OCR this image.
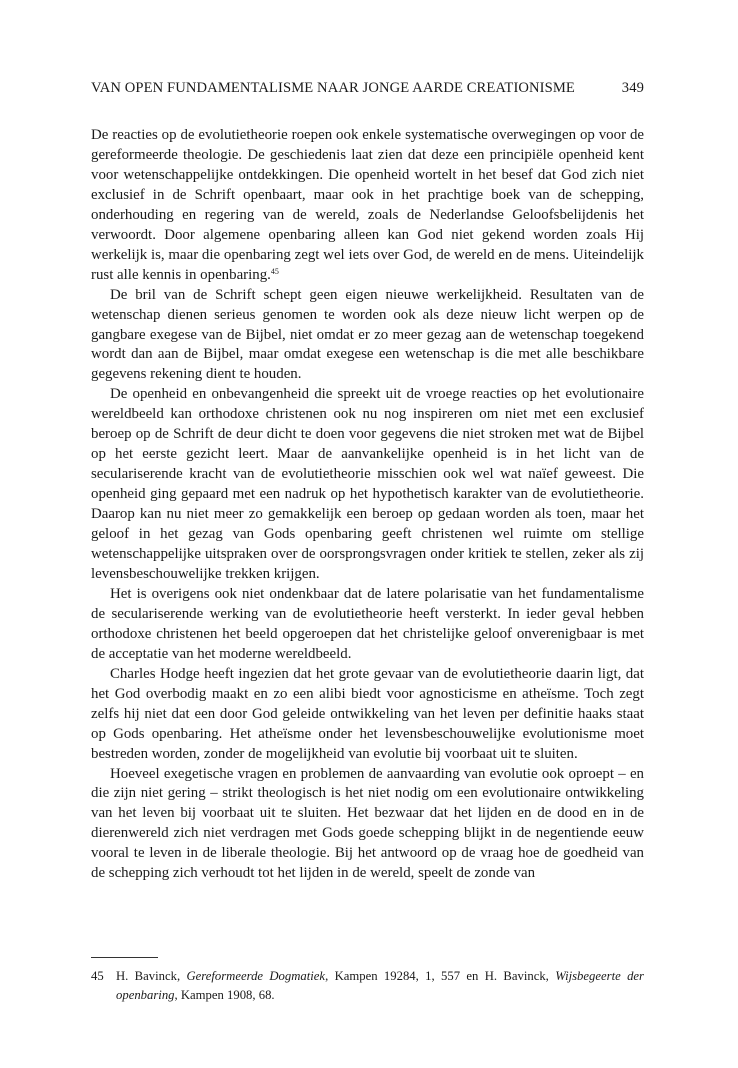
VAN OPEN FUNDAMENTALISME NAAR JONGE AARDE CREATIONISME	349

De reacties op de evolutietheorie roepen ook enkele systematische overwegingen op voor de gereformeerde theologie. De geschiedenis laat zien dat deze een principiële openheid kent voor wetenschappelijke ontdekkingen. Die openheid wortelt in het besef dat God zich niet exclusief in de Schrift openbaart, maar ook in het prachtige boek van de schepping, onderhouding en regering van de wereld, zoals de Nederlandse Geloofsbelijdenis het verwoordt. Door algemene openbaring alleen kan God niet gekend worden zoals Hij werkelijk is, maar die openbaring zegt wel iets over God, de wereld en de mens. Uiteindelijk rust alle kennis in openbaring.$^{45}$

De bril van de Schrift schept geen eigen nieuwe werkelijkheid. Resultaten van de wetenschap dienen serieus genomen te worden ook als deze nieuw licht werpen op de gangbare exegese van de Bijbel, niet omdat er zo meer gezag aan de wetenschap toegekend wordt dan aan de Bijbel, maar omdat exegese een wetenschap is die met alle beschikbare gegevens rekening dient te houden.

De openheid en onbevangenheid die spreekt uit de vroege reacties op het evolutionaire wereldbeeld kan orthodoxe christenen ook nu nog inspireren om niet met een exclusief beroep op de Schrift de deur dicht te doen voor gegevens die niet stroken met wat de Bijbel op het eerste gezicht leert. Maar de aanvankelijke openheid is in het licht van de seculariserende kracht van de evolutietheorie misschien ook wel wat naïef geweest. Die openheid ging gepaard met een nadruk op het hypothetisch karakter van de evolutietheorie. Daarop kan nu niet meer zo gemakkelijk een beroep op gedaan worden als toen, maar het geloof in het gezag van Gods openbaring geeft christenen wel ruimte om stellige wetenschappelijke uitspraken over de oorsprongsvragen onder kritiek te stellen, zeker als zij levensbeschouwelijke trekken krijgen.

Het is overigens ook niet ondenkbaar dat de latere polarisatie van het fundamentalisme de seculariserende werking van de evolutietheorie heeft versterkt. In ieder geval hebben orthodoxe christenen het beeld opgeroepen dat het christelijke geloof onverenigbaar is met de acceptatie van het moderne wereldbeeld.

Charles Hodge heeft ingezien dat het grote gevaar van de evolutietheorie daarin ligt, dat het God overbodig maakt en zo een alibi biedt voor agnosticisme en atheïsme. Toch zegt zelfs hij niet dat een door God geleide ontwikkeling van het leven per definitie haaks staat op Gods openbaring. Het atheïsme onder het levensbeschouwelijke evolutionisme moet bestreden worden, zonder de mogelijkheid van evolutie bij voorbaat uit te sluiten.

Hoeveel exegetische vragen en problemen de aanvaarding van evolutie ook oproept – en die zijn niet gering – strikt theologisch is het niet nodig om een evolutionaire ontwikkeling van het leven bij voorbaat uit te sluiten. Het bezwaar dat het lijden en de dood en in de dierenwereld zich niet verdragen met Gods goede schepping blijkt in de negentiende eeuw vooral te leven in de liberale theologie. Bij het antwoord op de vraag hoe de goedheid van de schepping zich verhoudt tot het lijden in de wereld, speelt de zonde van

45 H. Bavinck, Gereformeerde Dogmatiek, Kampen 19284, 1, 557 en H. Bavinck, Wijsbegeerte der openbaring, Kampen 1908, 68.
